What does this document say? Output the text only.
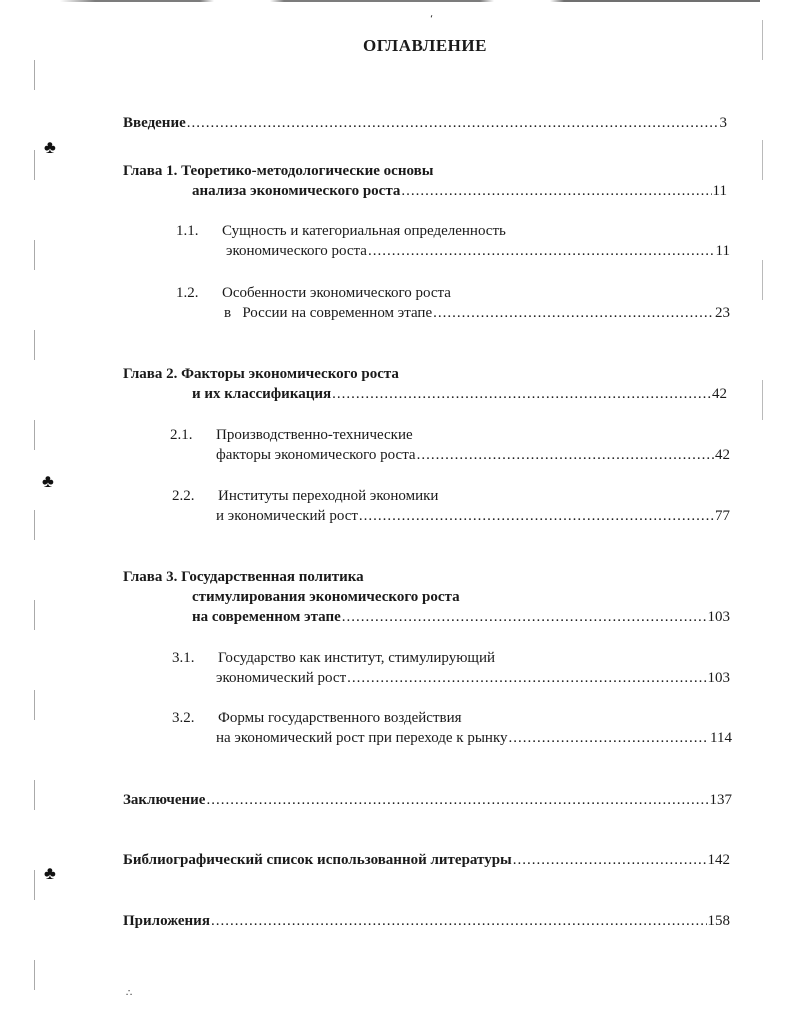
♣
♣
♣
‘
∴
ОГЛАВЛЕНИЕ
Введение .....	3
Глава 1. Теоретико-методологические основы
анализа экономического роста .....	11
1.1.	Сущность и категориальная определенность
экономического роста .....	11
1.2.	Особенности экономического роста
в   России на современном этапе .....	23
Глава 2. Факторы экономического роста
и их классификация .....	42
2.1.	Производственно-технические
факторы экономического роста .....	42
2.2.	Институты переходной экономики
и экономический рост .....	77
Глава 3. Государственная политика
стимулирования экономического роста
на современном этапе .....	103
3.1.	Государство как институт, стимулирующий
экономический рост .....	103
3.2.	Формы государственного воздействия
на экономический рост при переходе к рынку .....	114
Заключение .....	137
Библиографический список использованной литературы .....	142
Приложения .....	158
